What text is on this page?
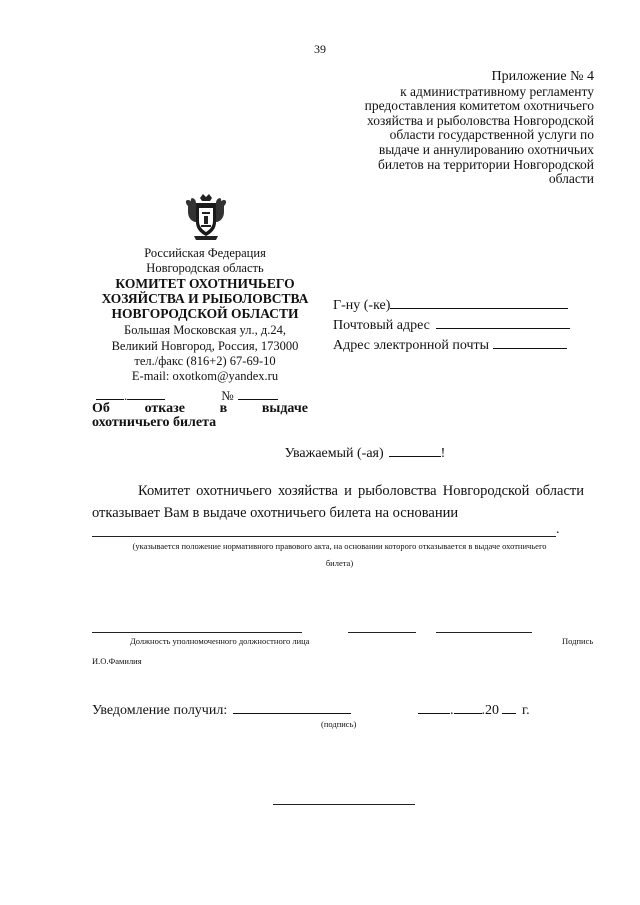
39
Приложение № 4
к административному регламенту
предоставления комитетом охотничьего
хозяйства и рыболовства Новгородской
области государственной услуги по
выдаче и аннулированию охотничьих
билетов на территории Новгородской
области
Российская Федерация
Новгородская область
КОМИТЕТ ОХОТНИЧЬЕГО
ХОЗЯЙСТВА И РЫБОЛОВСТВА
НОВГОРОДСКОЙ ОБЛАСТИ
Большая Московская ул., д.24,
Великий Новгород, Россия, 173000
тел./факс (816+2) 67-69-10
E-mail: oxotkom@yandex.ru
.	№
Г-ну (-ке)
Почтовый адрес
Адрес электронной почты
Об отказе в выдаче
охотничьего билета
Уважаемый (-ая)	!
Комитет охотничьего хозяйства и рыболовства Новгородской области отказывает Вам в выдаче охотничьего билета на основании
.
(указывается положение нормативного правового акта, на основании которого отказывается в выдаче охотничьего
билета)
Должность уполномоченного должностного лица	Подпись
И.О.Фамилия
Уведомление получил:
(подпись)
. .20 г.
